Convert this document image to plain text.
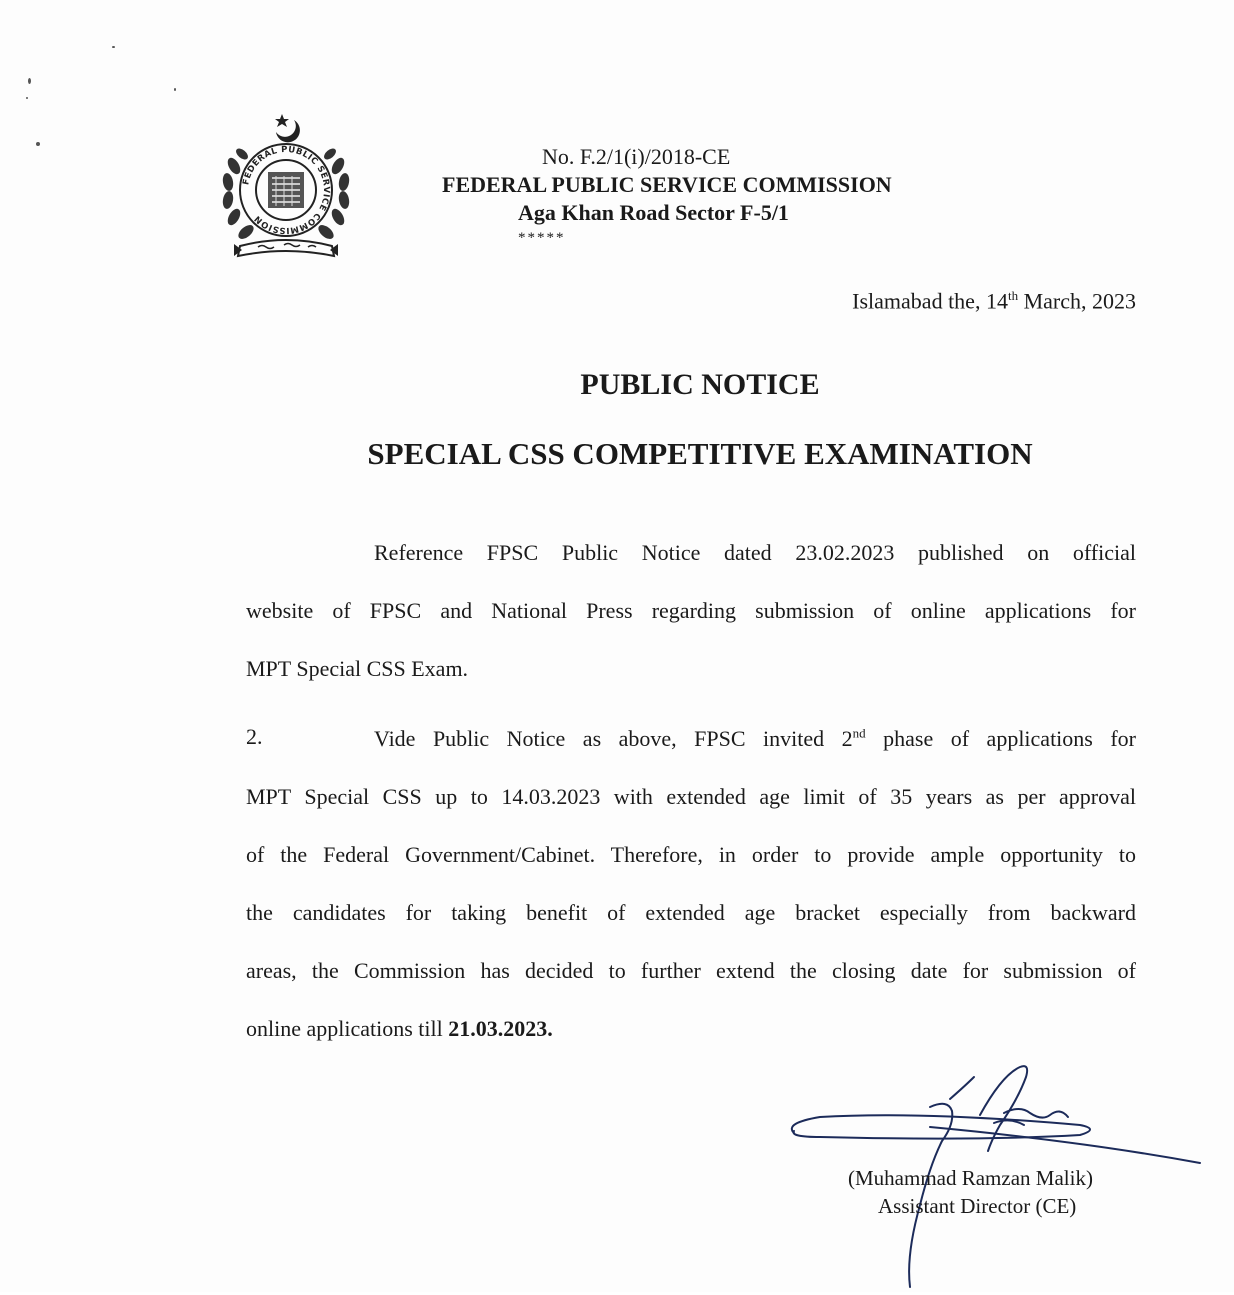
FEDERAL PUBLIC SERVICE COMMISSION
No. F.2/1(i)/2018-CE
FEDERAL PUBLIC SERVICE COMMISSION
Aga Khan Road Sector F-5/1
*****
Islamabad the, 14th March, 2023
PUBLIC NOTICE
SPECIAL CSS COMPETITIVE EXAMINATION
Reference FPSC Public Notice dated 23.02.2023 published on official
website of FPSC and National Press regarding submission of online applications for
MPT Special CSS Exam.
2.	Vide Public Notice as above, FPSC invited 2nd phase of applications for
MPT Special CSS up to 14.03.2023 with extended age limit of 35 years as per approval
of the Federal Government/Cabinet. Therefore, in order to provide ample opportunity to
the candidates for taking benefit of extended age bracket especially from backward
areas, the Commission has decided to further extend the closing date for submission of
online applications till 21.03.2023.
(Muhammad Ramzan Malik)
Assistant Director (CE)
